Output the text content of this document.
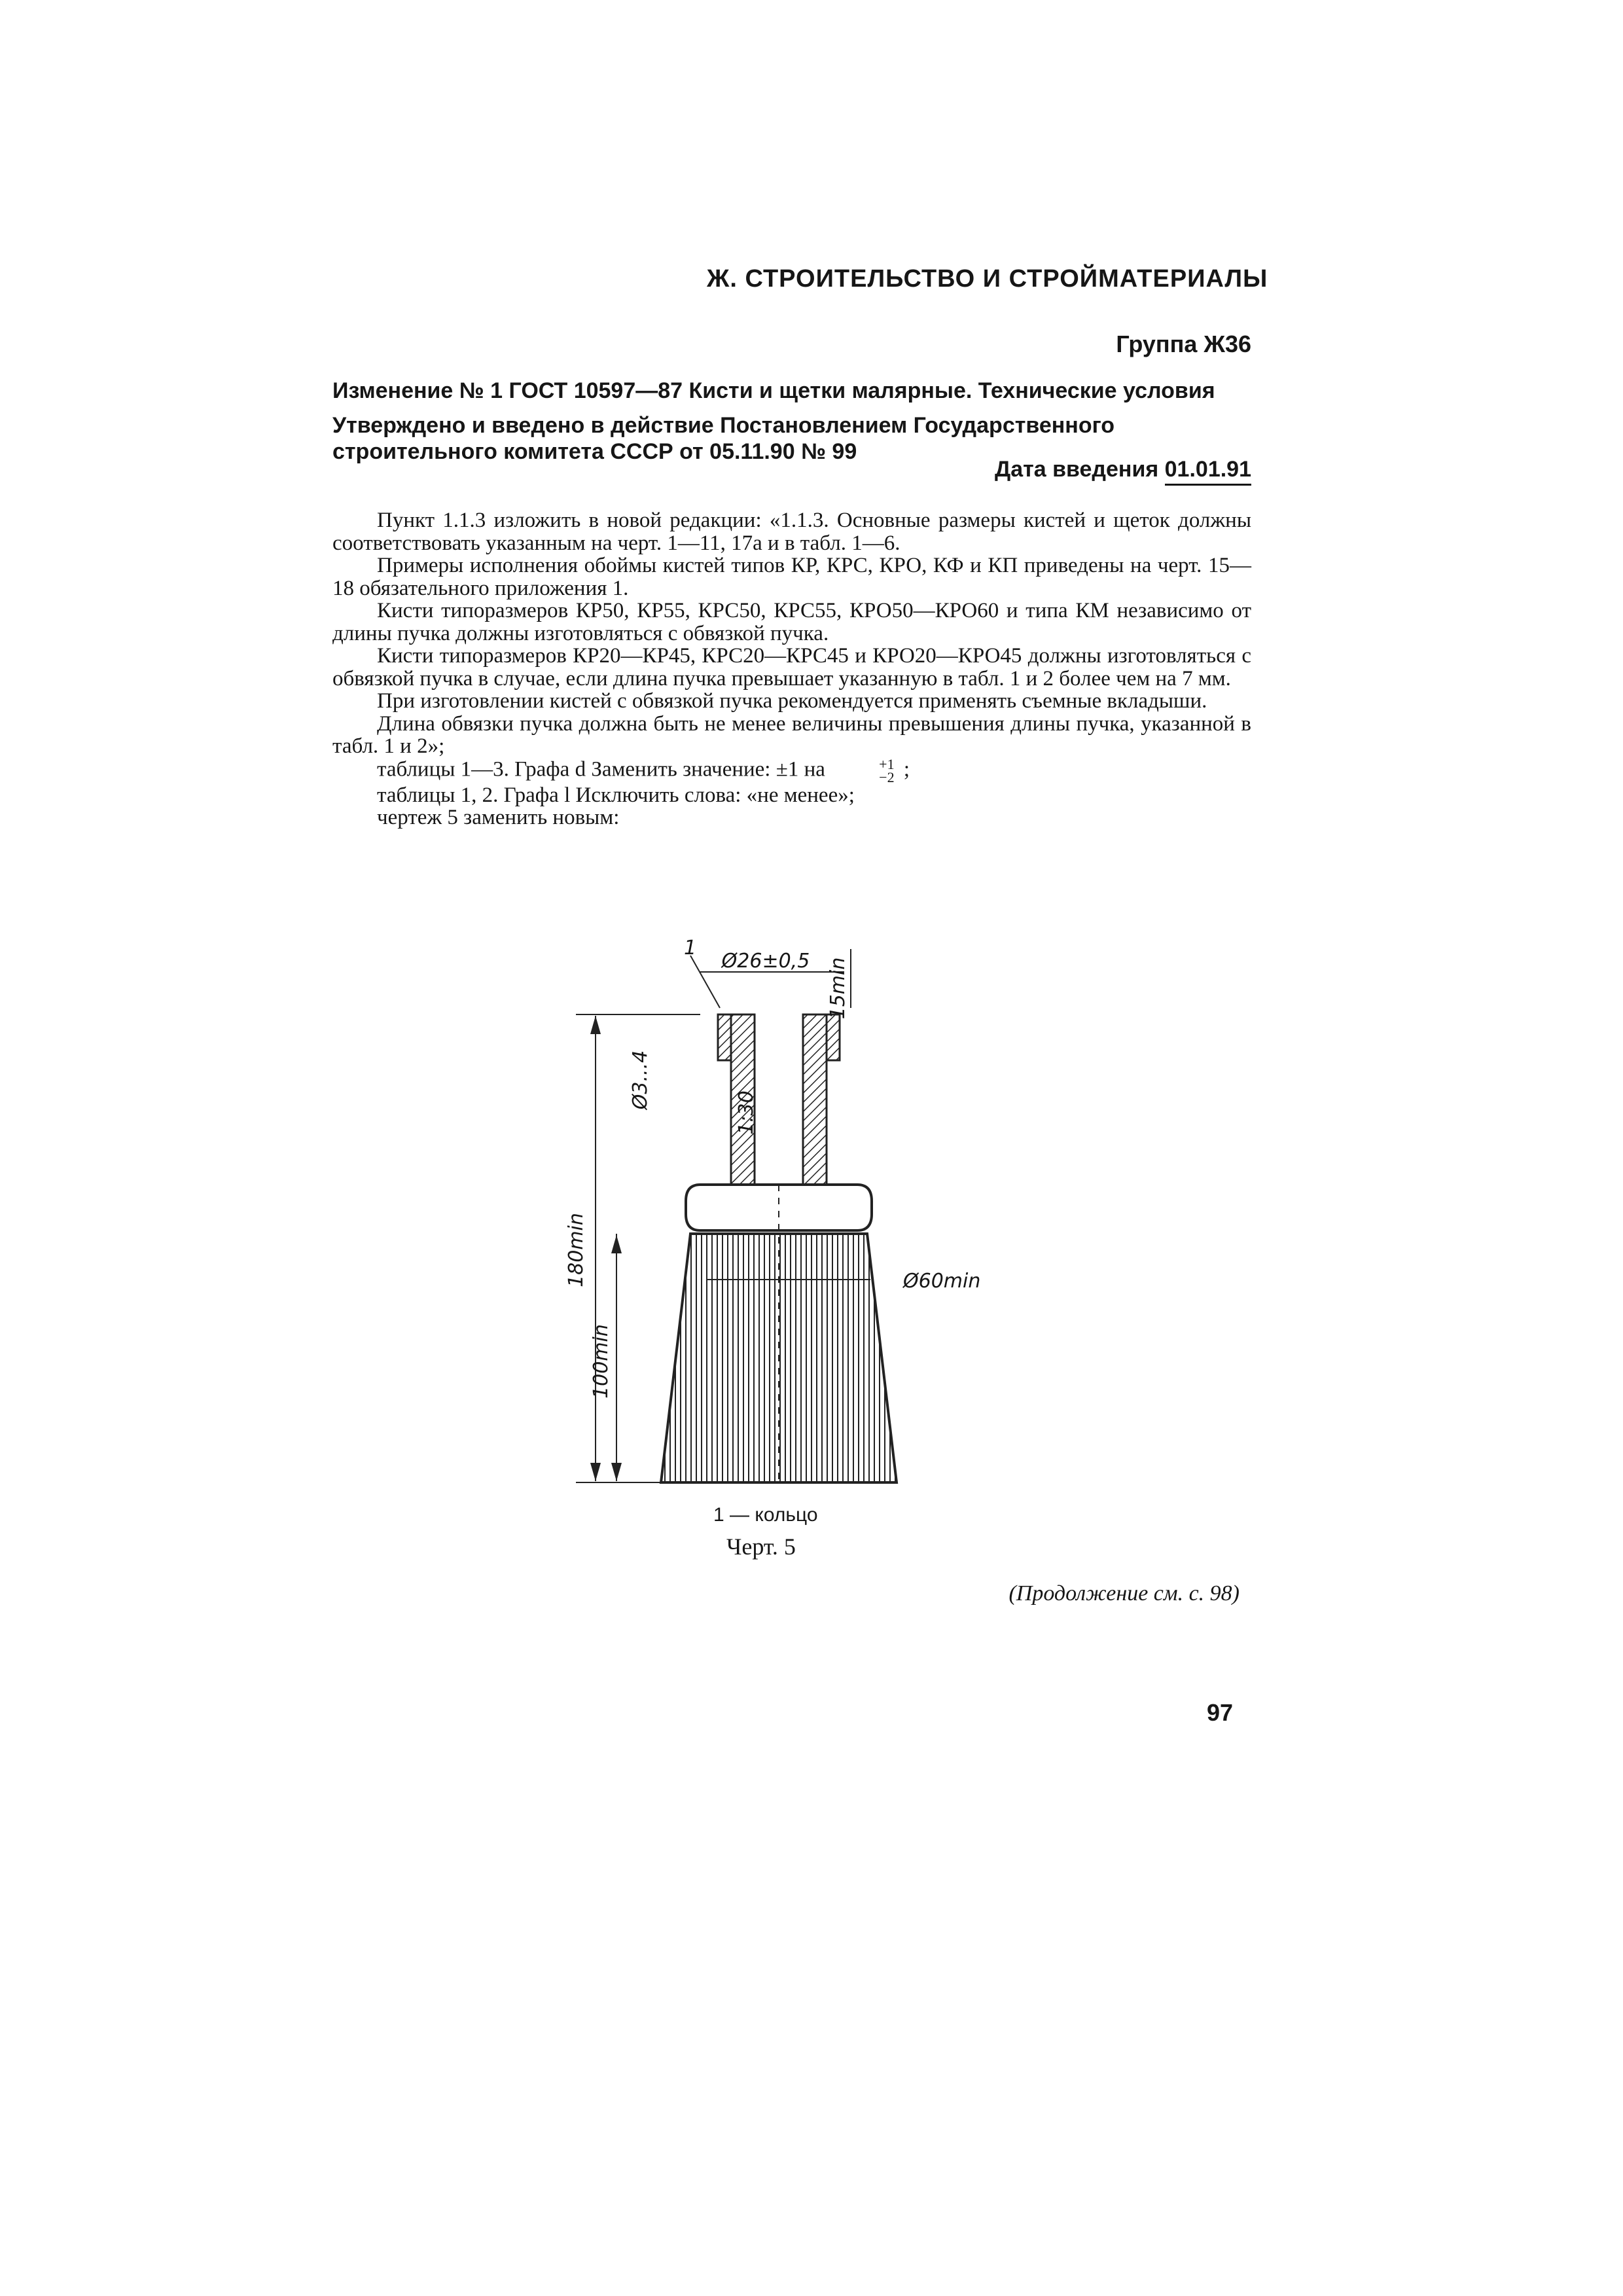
Ж. СТРОИТЕЛЬСТВО И СТРОЙМАТЕРИАЛЫ
Группа Ж36
Изменение № 1 ГОСТ 10597—87 Кисти и щетки малярные. Технические условия
Утверждено и введено в действие Постановлением Государственного строительного комитета СССР от 05.11.90 № 99
Дата введения 01.01.91

Пункт 1.1.3 изложить в новой редакции: «1.1.3. Основные размеры кистей и щеток должны соответствовать указанным на черт. 1—11, 17а и в табл. 1—6.

Примеры исполнения обоймы кистей типов КР, КРС, КРО, КФ и КП приведены на черт. 15—18 обязательного приложения 1.

Кисти типоразмеров КР50, КР55, КРС50, КРС55, КРО50—КРО60 и типа КМ независимо от длины пучка должны изготовляться с обвязкой пучка.

Кисти типоразмеров КР20—КР45, КРС20—КРС45 и КРО20—КРО45 должны изготовляться с обвязкой пучка в случае, если длина пучка превышает указанную в табл. 1 и 2 более чем на 7 мм.

При изготовлении кистей с обвязкой пучка рекомендуется применять съемные вкладыши.

Длина обвязки пучка должна быть не менее величины превышения длины пучка, указанной в табл. 1 и 2»;

таблицы 1—3. Графа d Заменить значение: ±1 на	+1
−2 ;

таблицы 1, 2. Графа l Исключить слова: «не менее»;

чертеж 5 заменить новым:

180min
100min
Ø26±0,5
1
15min
Ø3...4
1:30
Ø60min
1 — кольцо
Черт. 5
(Продолжение см. с. 98)
97
